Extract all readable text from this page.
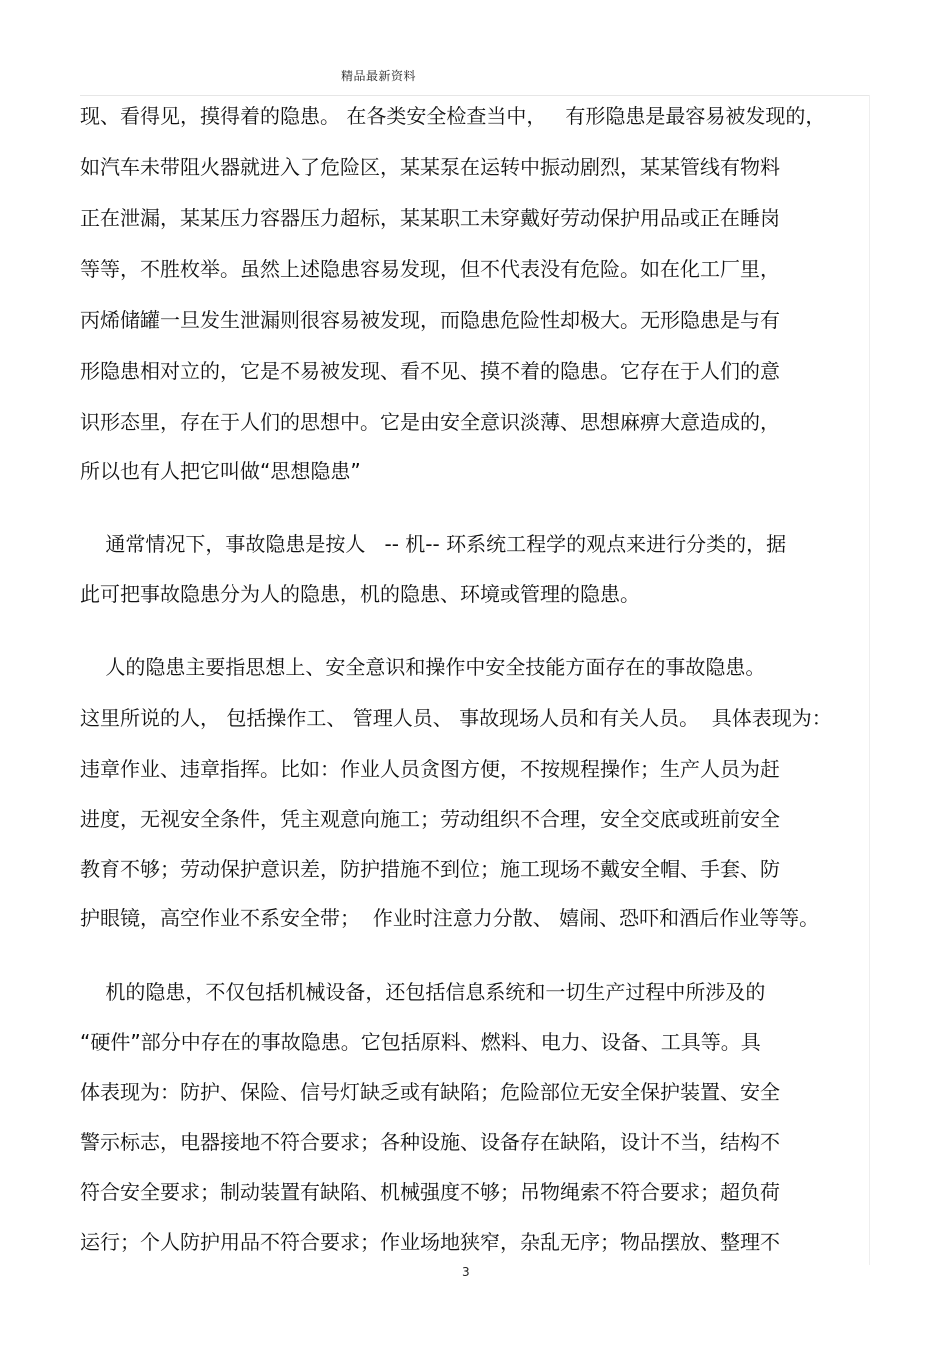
精品最新资料
现、看得见，摸得着的隐患。 在各类安全检查当中，   有形隐患是最容易被发现的，
如汽车未带阻火器就进入了危险区，某某泵在运转中振动剧烈，某某管线有物料
正在泄漏，某某压力容器压力超标，某某职工未穿戴好劳动保护用品或正在睡岗
等等，不胜枚举。虽然上述隐患容易发现，但不代表没有危险。如在化工厂里，
丙烯储罐一旦发生泄漏则很容易被发现，而隐患危险性却极大。无形隐患是与有
形隐患相对立的，它是不易被发现、看不见、摸不着的隐患。它存在于人们的意
识形态里，存在于人们的思想中。它是由安全意识淡薄、思想麻痹大意造成的，
所以也有人把它叫做“思想隐患”
通常情况下，事故隐患是按人   -- 机-- 环系统工程学的观点来进行分类的，据
此可把事故隐患分为人的隐患，机的隐患、环境或管理的隐患。
人的隐患主要指思想上、安全意识和操作中安全技能方面存在的事故隐患。
这里所说的人， 包括操作工、 管理人员、 事故现场人员和有关人员。  具体表现为：
违章作业、违章指挥。比如：作业人员贪图方便，不按规程操作；生产人员为赶
进度，无视安全条件，凭主观意向施工；劳动组织不合理，安全交底或班前安全
教育不够；劳动保护意识差，防护措施不到位；施工现场不戴安全帽、手套、防
护眼镜，高空作业不系安全带；  作业时注意力分散、 嬉闹、恐吓和酒后作业等等。
机的隐患，不仅包括机械设备，还包括信息系统和一切生产过程中所涉及的
“硬件”部分中存在的事故隐患。它包括原料、燃料、电力、设备、工具等。具
体表现为：防护、保险、信号灯缺乏或有缺陷；危险部位无安全保护装置、安全
警示标志，电器接地不符合要求；各种设施、设备存在缺陷，设计不当，结构不
符合安全要求；制动装置有缺陷、机械强度不够；吊物绳索不符合要求；超负荷
运行；个人防护用品不符合要求；作业场地狭窄，杂乱无序；物品摆放、整理不
3
